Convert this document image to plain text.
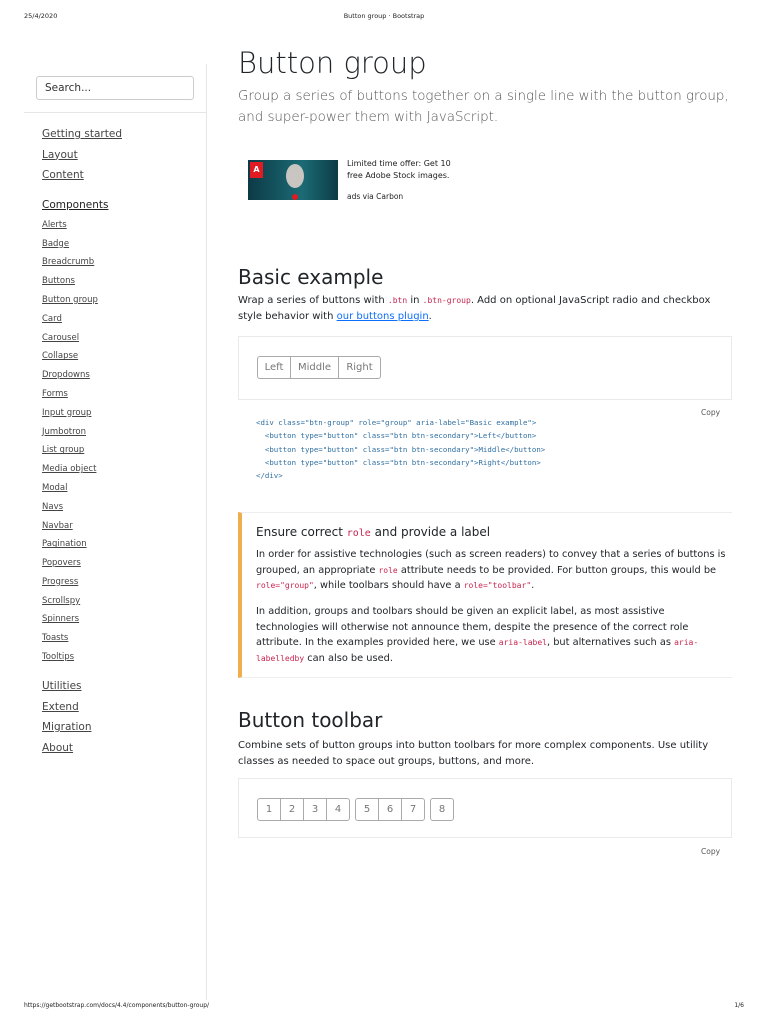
25/4/2020	Button group · Bootstrap
Search...
Getting started
Layout
Content
Components
Alerts
Badge
Breadcrumb
Buttons
Button group
Card
Carousel
Collapse
Dropdowns
Forms
Input group
Jumbotron
List group
Media object
Modal
Navs
Navbar
Pagination
Popovers
Progress
Scrollspy
Spinners
Toasts
Tooltips
Utilities
Extend
Migration
About
Button group

Group a series of buttons together on a single line with the button group, and super-power them with JavaScript.

A
Limited time offer: Get 10 free Adobe Stock images.
ads via Carbon
Basic example

Wrap a series of buttons with .btn in .btn-group. Add on optional JavaScript radio and checkbox style behavior with our buttons plugin.

Left	Middle	Right
Copy
<div class="btn-group" role="group" aria-label="Basic example">
<button type="button" class="btn btn-secondary">Left</button>
<button type="button" class="btn btn-secondary">Middle</button>
<button type="button" class="btn btn-secondary">Right</button>
</div>
Ensure correct role and provide a label

In order for assistive technologies (such as screen readers) to convey that a series of buttons is grouped, an appropriate role attribute needs to be provided. For button groups, this would be role="group", while toolbars should have a role="toolbar".

In addition, groups and toolbars should be given an explicit label, as most assistive technologies will otherwise not announce them, despite the presence of the correct role attribute. In the examples provided here, we use aria-label, but alternatives such as aria-labelledby can also be used.

Button toolbar

Combine sets of button groups into button toolbars for more complex components. Use utility classes as needed to space out groups, buttons, and more.

1	2	3	4	5	6	7	8
Copy
https://getbootstrap.com/docs/4.4/components/button-group/	1/6
